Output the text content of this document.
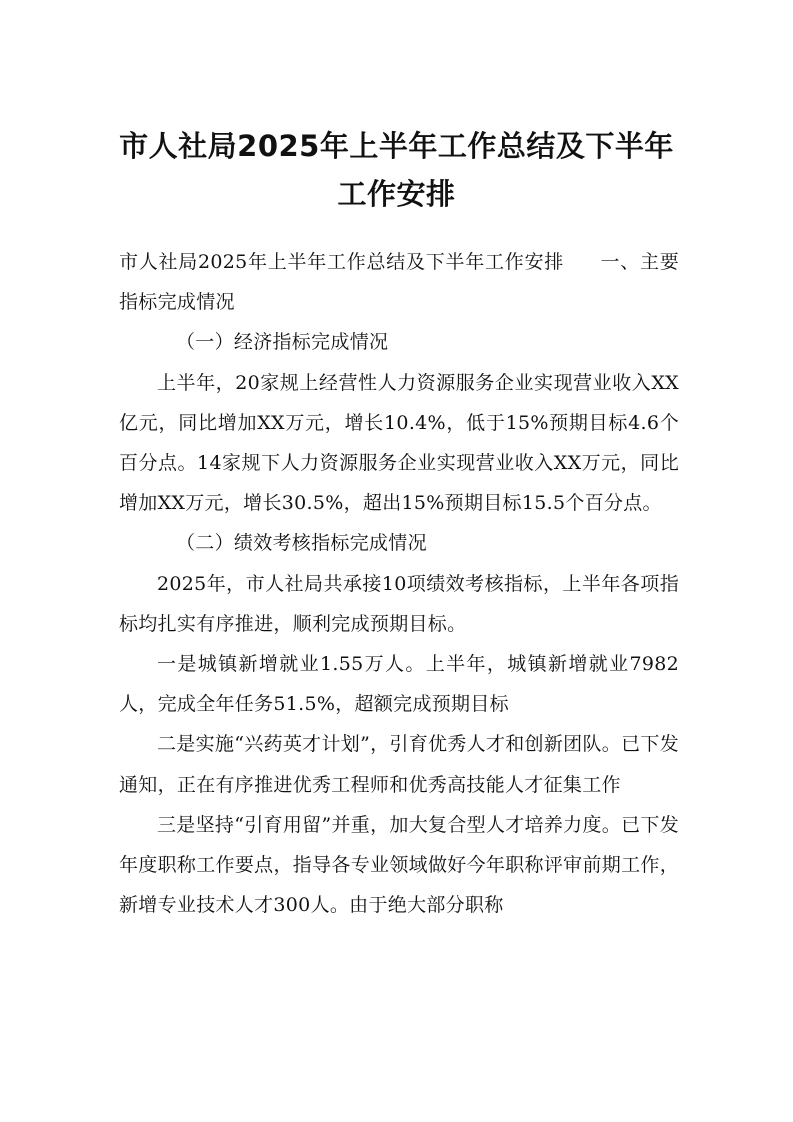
市人社局2025年上半年工作总结及下半年
工作安排

市人社局2025年上半年工作总结及下半年工作安排 一、主要指标完成情况

（一）经济指标完成情况

上半年，20家规上经营性人力资源服务企业实现营业收入XX亿元，同比增加XX万元，增长10.4%，低于15%预期目标4.6个百分点。14家规下人力资源服务企业实现营业收入XX万元，同比增加XX万元，增长30.5%，超出15%预期目标15.5个百分点。

（二）绩效考核指标完成情况

2025年，市人社局共承接10项绩效考核指标，上半年各项指标均扎实有序推进，顺利完成预期目标。

一是城镇新增就业1.55万人。上半年，城镇新增就业7982人，完成全年任务51.5%，超额完成预期目标

二是实施“兴药英才计划”，引育优秀人才和创新团队。已下发通知，正在有序推进优秀工程师和优秀高技能人才征集工作

三是坚持“引育用留”并重，加大复合型人才培养力度。已下发年度职称工作要点，指导各专业领域做好今年职称评审前期工作，新增专业技术人才300人。由于绝大部分职称
